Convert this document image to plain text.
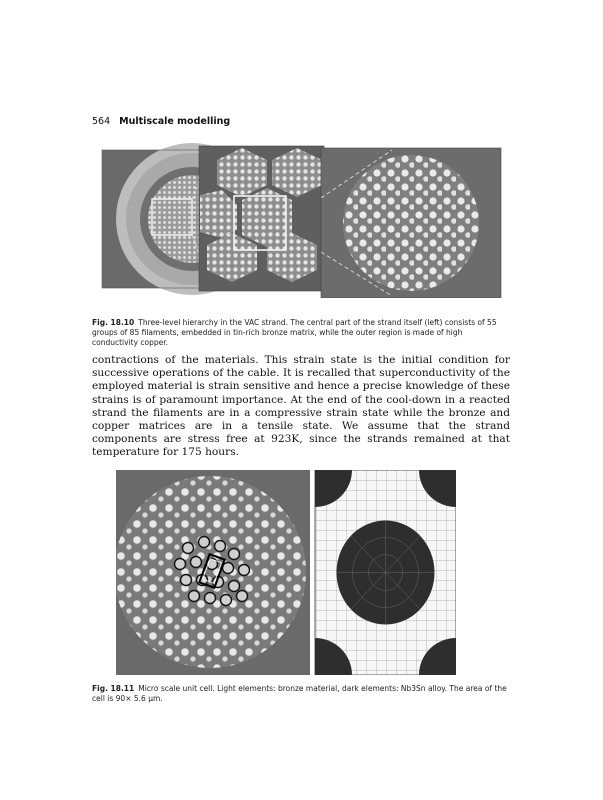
564 Multiscale modelling
Fig. 18.10 Three-level hierarchy in the VAC strand. The central part of the strand itself (left) consists of 55 groups of 85 filaments, embedded in tin-rich bronze matrix, while the outer region is made of high conductivity copper.
contractions of the materials. This strain state is the initial condition for successive operations of the cable. It is recalled that superconductivity of the employed material is strain sensitive and hence a precise knowledge of these strains is of paramount importance. At the end of the cool-down in a reacted strand the filaments are in a compressive strain state while the bronze and copper matrices are in a tensile state. We assume that the strand components are stress free at 923K, since the strands remained at that temperature for 175 hours.
Fig. 18.11 Micro scale unit cell. Light elements: bronze material, dark elements: Nb3Sn alloy. The area of the cell is 90× 5.6 μm.
